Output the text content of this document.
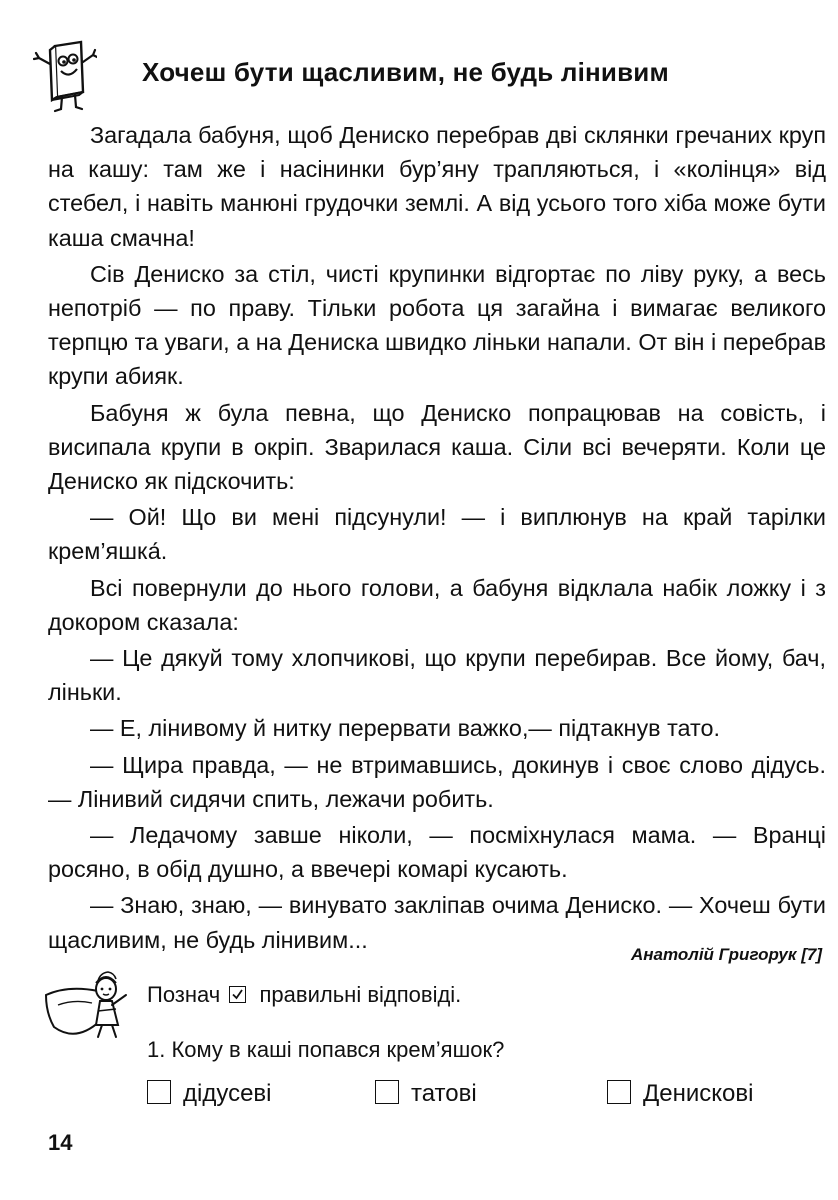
Хочеш бути щасливим, не будь лінивим

Загадала бабуня, щоб Дениско перебрав дві склянки гречаних круп на кашу: там же і насінинки бур’яну трапляються, і «колінця» від стебел, і навіть манюні грудочки землі. А від усього того хіба може бути каша смачна!

Сів Дениско за стіл, чисті крупинки відгортає по ліву руку, а весь непотріб — по праву. Тільки робота ця загайна і вимагає великого терпцю та уваги, а на Дениска швидко ліньки напали. От він і перебрав крупи абияк.

Бабуня ж була певна, що Дениско попрацював на совість, і висипала крупи в окріп. Зварилася каша. Сіли всі вечеряти. Коли це Дениско як підскочить:

— Ой! Що ви мені підсунули! — і виплюнув на край тарілки крем’яшка́.

Всі повернули до нього голови, а бабуня відклала набік ложку і з докором сказала:

— Це дякуй тому хлопчикові, що крупи перебирав. Все йому, бач, ліньки.

— Е, лінивому й нитку перервати важко,— підтакнув тато.

— Щира правда, — не втримавшись, докинув і своє слово дідусь. — Лінивий сидячи спить, лежачи робить.

— Ледачому завше ніколи, — посміхнулася мама. — Вранці росяно, в обід душно, а ввечері комарі кусають.

— Знаю, знаю, — винувато закліпав очима Дениско. — Хочеш бути щасливим, не будь лінивим...

Анатолій Григорук [7]
Познач правильні відповіді.
1. Кому в каші попався крем’яшок?
дідусеві	татові	Денискові
14
